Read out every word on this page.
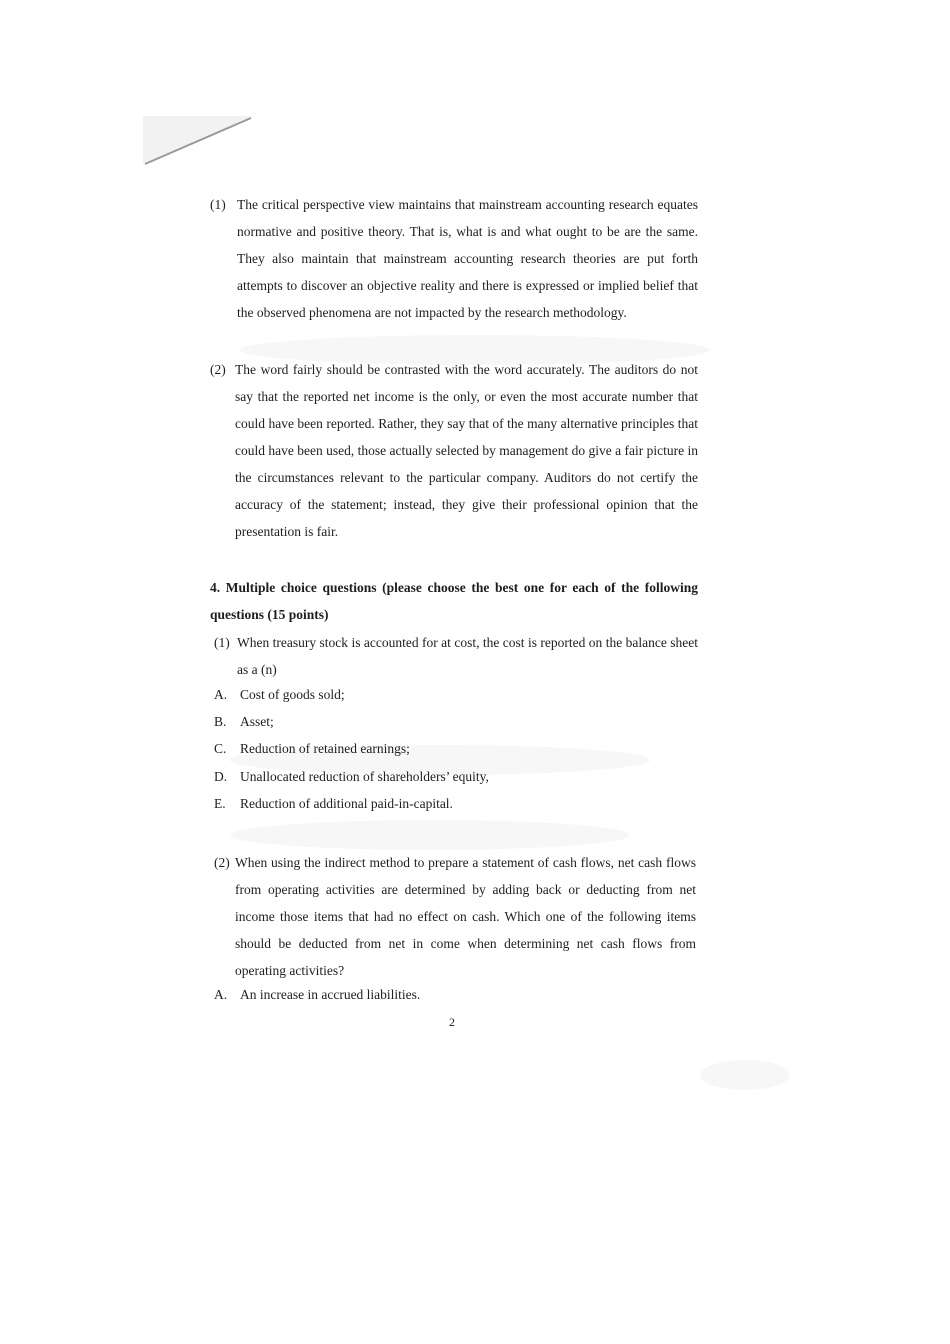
(1) The critical perspective view maintains that mainstream accounting research equates normative and positive theory. That is, what is and what ought to be are the same. They also maintain that mainstream accounting research theories are put forth attempts to discover an objective reality and there is expressed or implied belief that the observed phenomena are not impacted by the research methodology.
(2) The word fairly should be contrasted with the word accurately. The auditors do not say that the reported net income is the only, or even the most accurate number that could have been reported. Rather, they say that of the many alternative principles that could have been used, those actually selected by management do give a fair picture in the circumstances relevant to the particular company. Auditors do not certify the accuracy of the statement; instead, they give their professional opinion that the presentation is fair.
4. Multiple choice questions (please choose the best one for each of the following questions (15 points)
(1) When treasury stock is accounted for at cost, the cost is reported on the balance sheet as a (n)
A. Cost of goods sold;
B. Asset;
C. Reduction of retained earnings;
D. Unallocated reduction of shareholders’ equity,
E. Reduction of additional paid-in-capital.
(2) When using the indirect method to prepare a statement of cash flows, net cash flows from operating activities are determined by adding back or deducting from net income those items that had no effect on cash. Which one of the following items should be deducted from net in come when determining net cash flows from operating activities?
A. An increase in accrued liabilities.
2
